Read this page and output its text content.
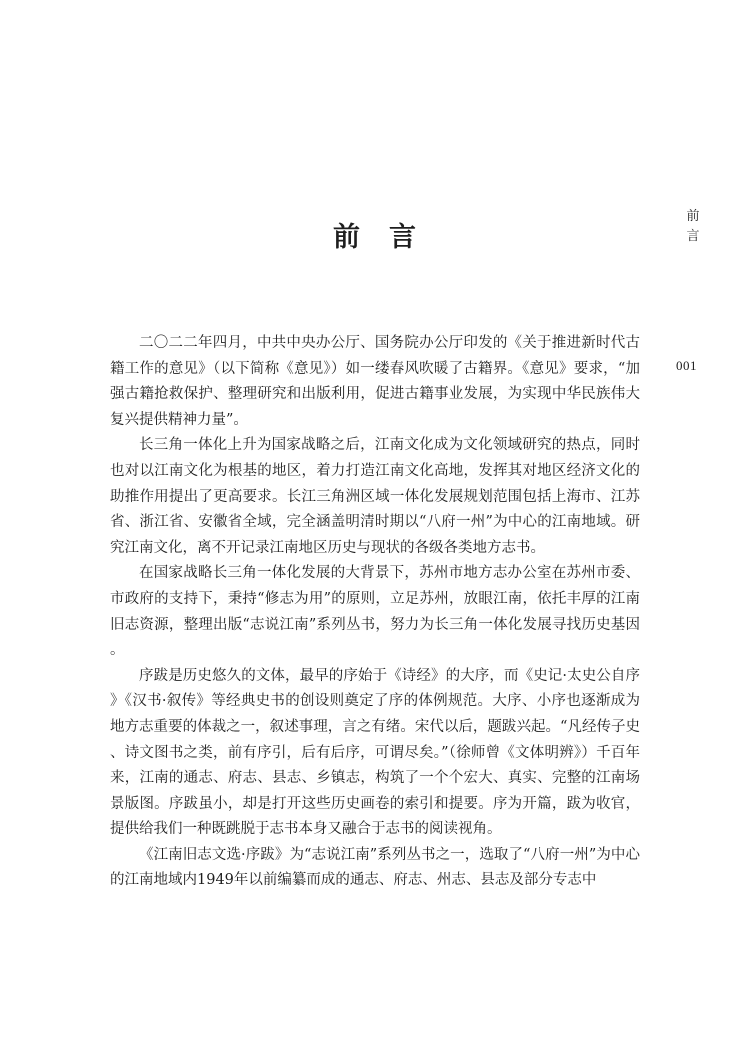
前　言
前
言
001

二〇二二年四月，中共中央办公厅、国务院办公厅印发的《关于推进新时代古籍工作的意见》（以下简称《意见》）如一缕春风吹暖了古籍界。《意见》要求，“加强古籍抢救保护、整理研究和出版利用，促进古籍事业发展，为实现中华民族伟大复兴提供精神力量”。

长三角一体化上升为国家战略之后，江南文化成为文化领域研究的热点，同时也对以江南文化为根基的地区，着力打造江南文化高地，发挥其对地区经济文化的助推作用提出了更高要求。长江三角洲区域一体化发展规划范围包括上海市、江苏省、浙江省、安徽省全域，完全涵盖明清时期以“八府一州”为中心的江南地域。研究江南文化，离不开记录江南地区历史与现状的各级各类地方志书。

在国家战略长三角一体化发展的大背景下，苏州市地方志办公室在苏州市委、市政府的支持下，秉持“修志为用”的原则，立足苏州，放眼江南，依托丰厚的江南旧志资源，整理出版“志说江南”系列丛书，努力为长三角一体化发展寻找历史基因。

序跋是历史悠久的文体，最早的序始于《诗经》的大序，而《史记·太史公自序》《汉书·叙传》等经典史书的创设则奠定了序的体例规范。大序、小序也逐渐成为地方志重要的体裁之一，叙述事理，言之有绪。宋代以后，题跋兴起。“凡经传子史、诗文图书之类，前有序引，后有后序，可谓尽矣。”（徐师曾《文体明辨》）千百年来，江南的通志、府志、县志、乡镇志，构筑了一个个宏大、真实、完整的江南场景版图。序跋虽小，却是打开这些历史画卷的索引和提要。序为开篇，跋为收官，提供给我们一种既跳脱于志书本身又融合于志书的阅读视角。

《江南旧志文选·序跋》为“志说江南”系列丛书之一，选取了“八府一州”为中心的江南地域内1949年以前编纂而成的通志、府志、州志、县志及部分专志中
